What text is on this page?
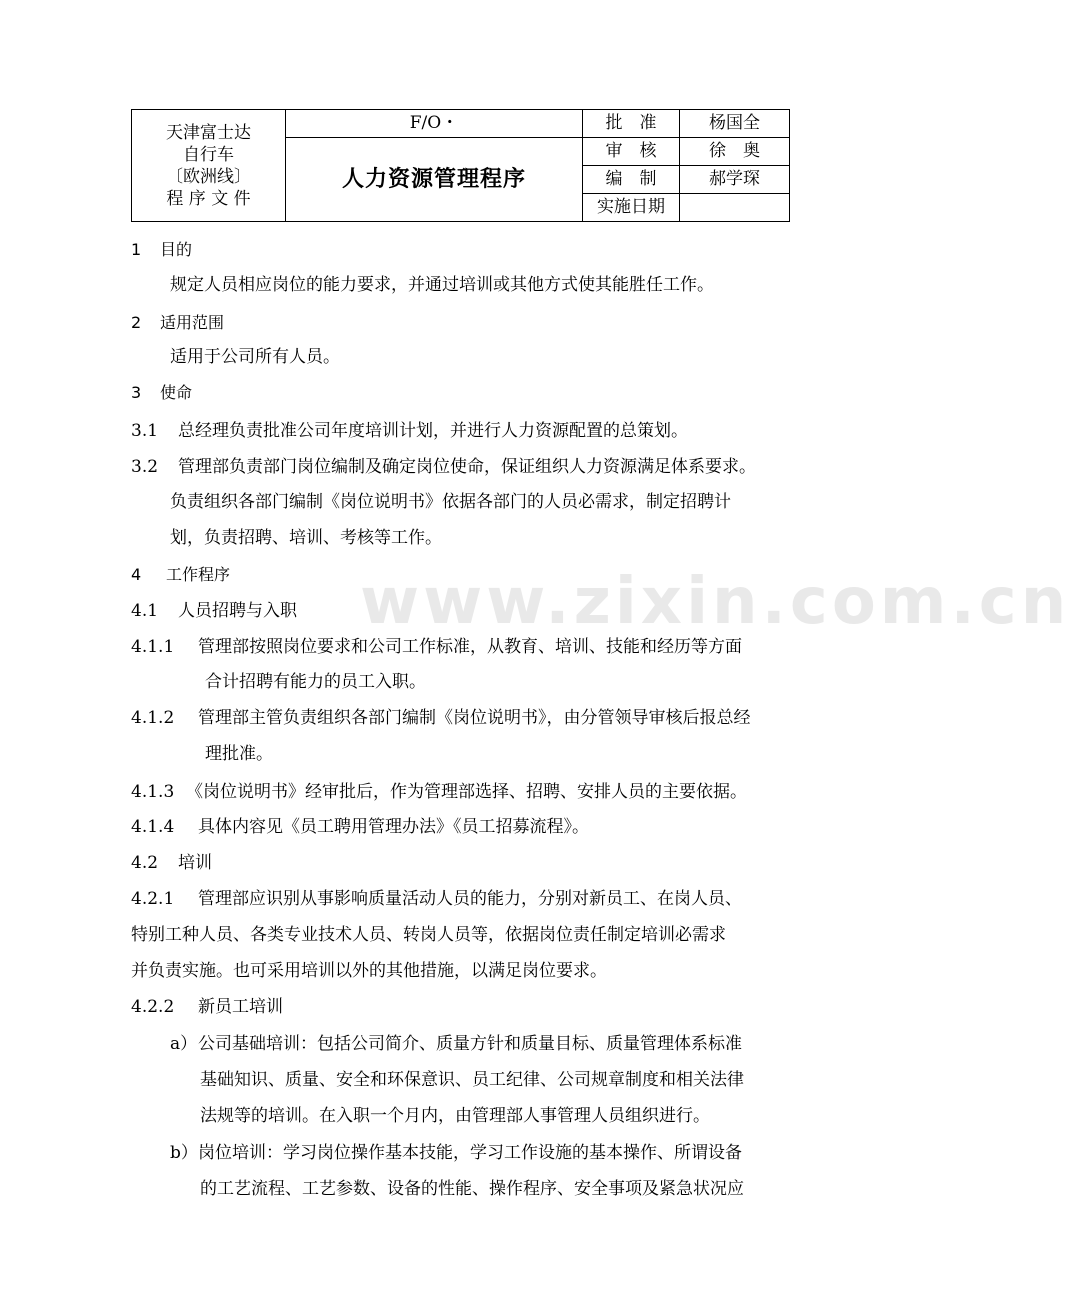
www.zixin.com.cn
天津富士达
自行车
〔欧洲线〕
程 序 文 件	F/O・	批　准	杨国全
	人力资源管理程序	审　核	徐　奥
		编　制	郝学琛
		实施日期	
1 目的
规定人员相应岗位的能力要求，并通过培训或其他方式使其能胜任工作。
2 适用范围
适用于公司所有人员。
3 使命
3.1 总经理负责批准公司年度培训计划，并进行人力资源配置的总策划。
3.2 管理部负责部门岗位编制及确定岗位使命，保证组织人力资源满足体系要求。
负责组织各部门编制《岗位说明书》依据各部门的人员必需求，制定招聘计
划，负责招聘、培训、考核等工作。
4 工作程序
4.1 人员招聘与入职
4.1.1 管理部按照岗位要求和公司工作标准，从教育、培训、技能和经历等方面
合计招聘有能力的员工入职。
4.1.2 管理部主管负责组织各部门编制《岗位说明书》，由分管领导审核后报总经
理批准。
4.1.3 《岗位说明书》经审批后，作为管理部选择、招聘、安排人员的主要依据。
4.1.4 具体内容见《员工聘用管理办法》《员工招募流程》。
4.2 培训
4.2.1 管理部应识别从事影响质量活动人员的能力，分别对新员工、在岗人员、
特别工种人员、各类专业技术人员、转岗人员等，依据岗位责任制定培训必需求
并负责实施。也可采用培训以外的其他措施，以满足岗位要求。
4.2.2 新员工培训
a）公司基础培训：包括公司简介、质量方针和质量目标、质量管理体系标准
基础知识、质量、安全和环保意识、员工纪律、公司规章制度和相关法律
法规等的培训。在入职一个月内，由管理部人事管理人员组织进行。
b）岗位培训：学习岗位操作基本技能，学习工作设施的基本操作、所谓设备
的工艺流程、工艺参数、设备的性能、操作程序、安全事项及紧急状况应
